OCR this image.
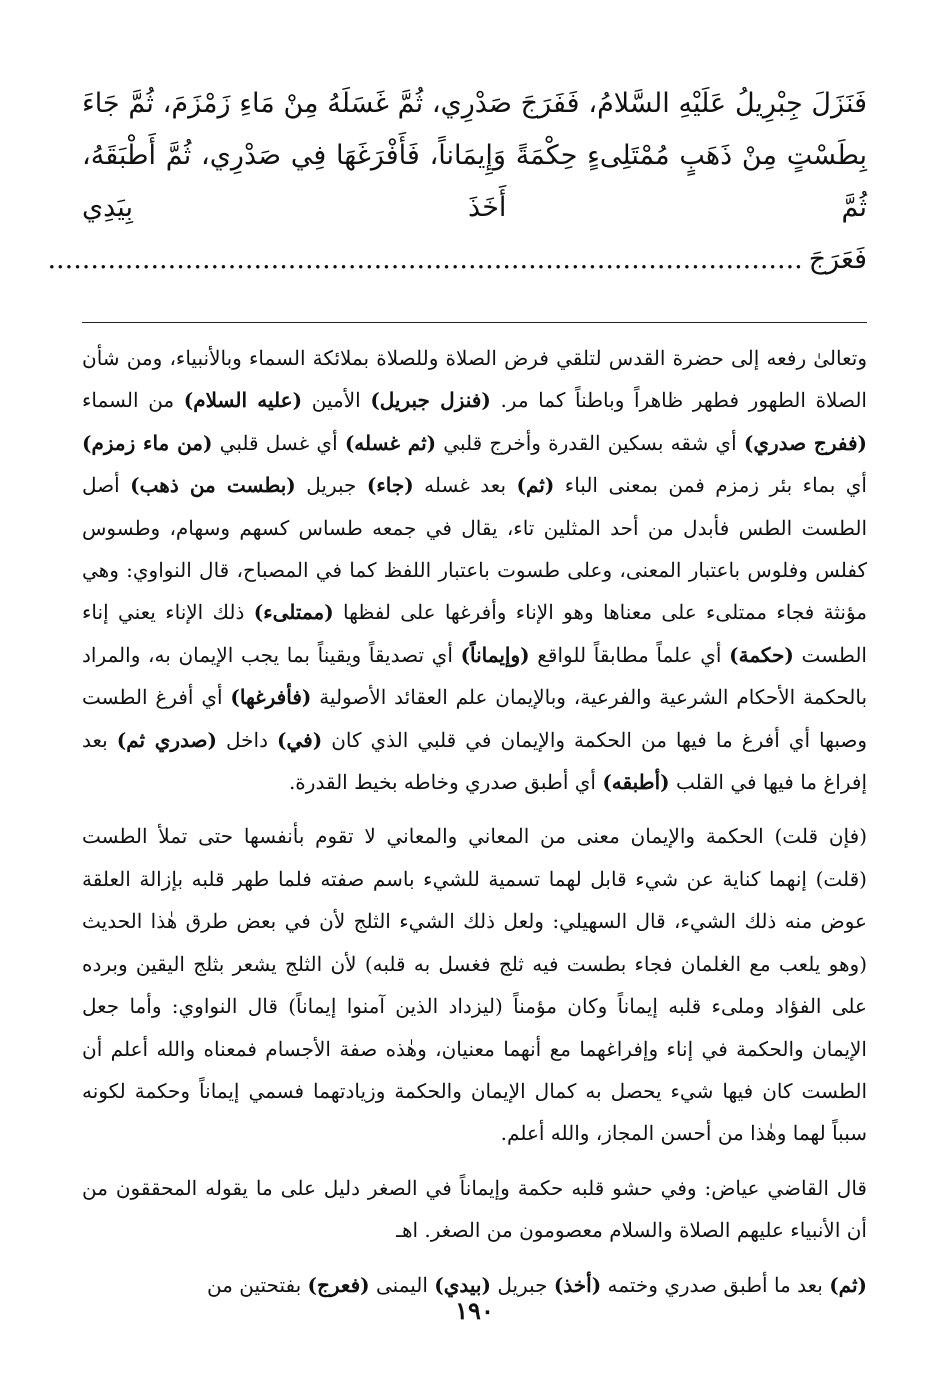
فَنَزَلَ جِبْرِيلُ عَلَيْهِ السَّلامُ، فَفَرَجَ صَدْرِي، ثُمَّ غَسَلَهُ مِنْ مَاءِ زَمْزَمَ، ثُمَّ جَاءَ بِطَسْتٍ مِنْ ذَهَبٍ مُمْتَلِىءٍ حِكْمَةً وَإِيمَاناً، فَأَفْرَغَهَا فِي صَدْرِي، ثُمَّ أَطْبَقَهُ، ثُمَّ أَخَذَ بِيَدِي فَعَرَجَ........................................................................................

وتعالىٰ رفعه إلى حضرة القدس لتلقي فرض الصلاة وللصلاة بملائكة السماء وبالأنبياء، ومن شأن الصلاة الطهور فطهر ظاهراً وباطناً كما مر. (فنزل جبريل) الأمين (عليه السلام) من السماء (ففرج صدري) أي شقه بسكين القدرة وأخرج قلبي (ثم غسله) أي غسل قلبي (من ماء زمزم) أي بماء بئر زمزم فمن بمعنى الباء (ثم) بعد غسله (جاء) جبريل (بطست من ذهب) أصل الطست الطس فأبدل من أحد المثلين تاء، يقال في جمعه طساس كسهم وسهام، وطسوس كفلس وفلوس باعتبار المعنى، وعلى طسوت باعتبار اللفظ كما في المصباح، قال النواوي: وهي مؤنثة فجاء ممتلىء على معناها وهو الإناء وأفرغها على لفظها (ممتلىء) ذلك الإناء يعني إناء الطست (حكمة) أي علماً مطابقاً للواقع (وإيماناً) أي تصديقاً ويقيناً بما يجب الإيمان به، والمراد بالحكمة الأحكام الشرعية والفرعية، وبالإيمان علم العقائد الأصولية (فأفرغها) أي أفرغ الطست وصبها أي أفرغ ما فيها من الحكمة والإيمان في قلبي الذي كان (في) داخل (صدري ثم) بعد إفراغ ما فيها في القلب (أطبقه) أي أطبق صدري وخاطه بخيط القدرة.

(فإن قلت) الحكمة والإيمان معنى من المعاني والمعاني لا تقوم بأنفسها حتى تملأ الطست (قلت) إنهما كناية عن شيء قابل لهما تسمية للشيء باسم صفته فلما طهر قلبه بإزالة العلقة عوض منه ذلك الشيء، قال السهيلي: ولعل ذلك الشيء الثلج لأن في بعض طرق هٰذا الحديث (وهو يلعب مع الغلمان فجاء بطست فيه ثلج فغسل به قلبه) لأن الثلج يشعر بثلج اليقين وبرده على الفؤاد وملىء قلبه إيماناً وكان مؤمناً (ليزداد الذين آمنوا إيماناً) قال النواوي: وأما جعل الإيمان والحكمة في إناء وإفراغهما مع أنهما معنيان، وهٰذه صفة الأجسام فمعناه والله أعلم أن الطست كان فيها شيء يحصل به كمال الإيمان والحكمة وزيادتهما فسمي إيماناً وحكمة لكونه سبباً لهما وهٰذا من أحسن المجاز، والله أعلم.

قال القاضي عياض: وفي حشو قلبه حكمة وإيماناً في الصغر دليل على ما يقوله المحققون من أن الأنبياء عليهم الصلاة والسلام معصومون من الصغر. اهـ

(ثم) بعد ما أطبق صدري وختمه (أخذ) جبريل (بيدي) اليمنى (فعرج) بفتحتين من

١٩٠
